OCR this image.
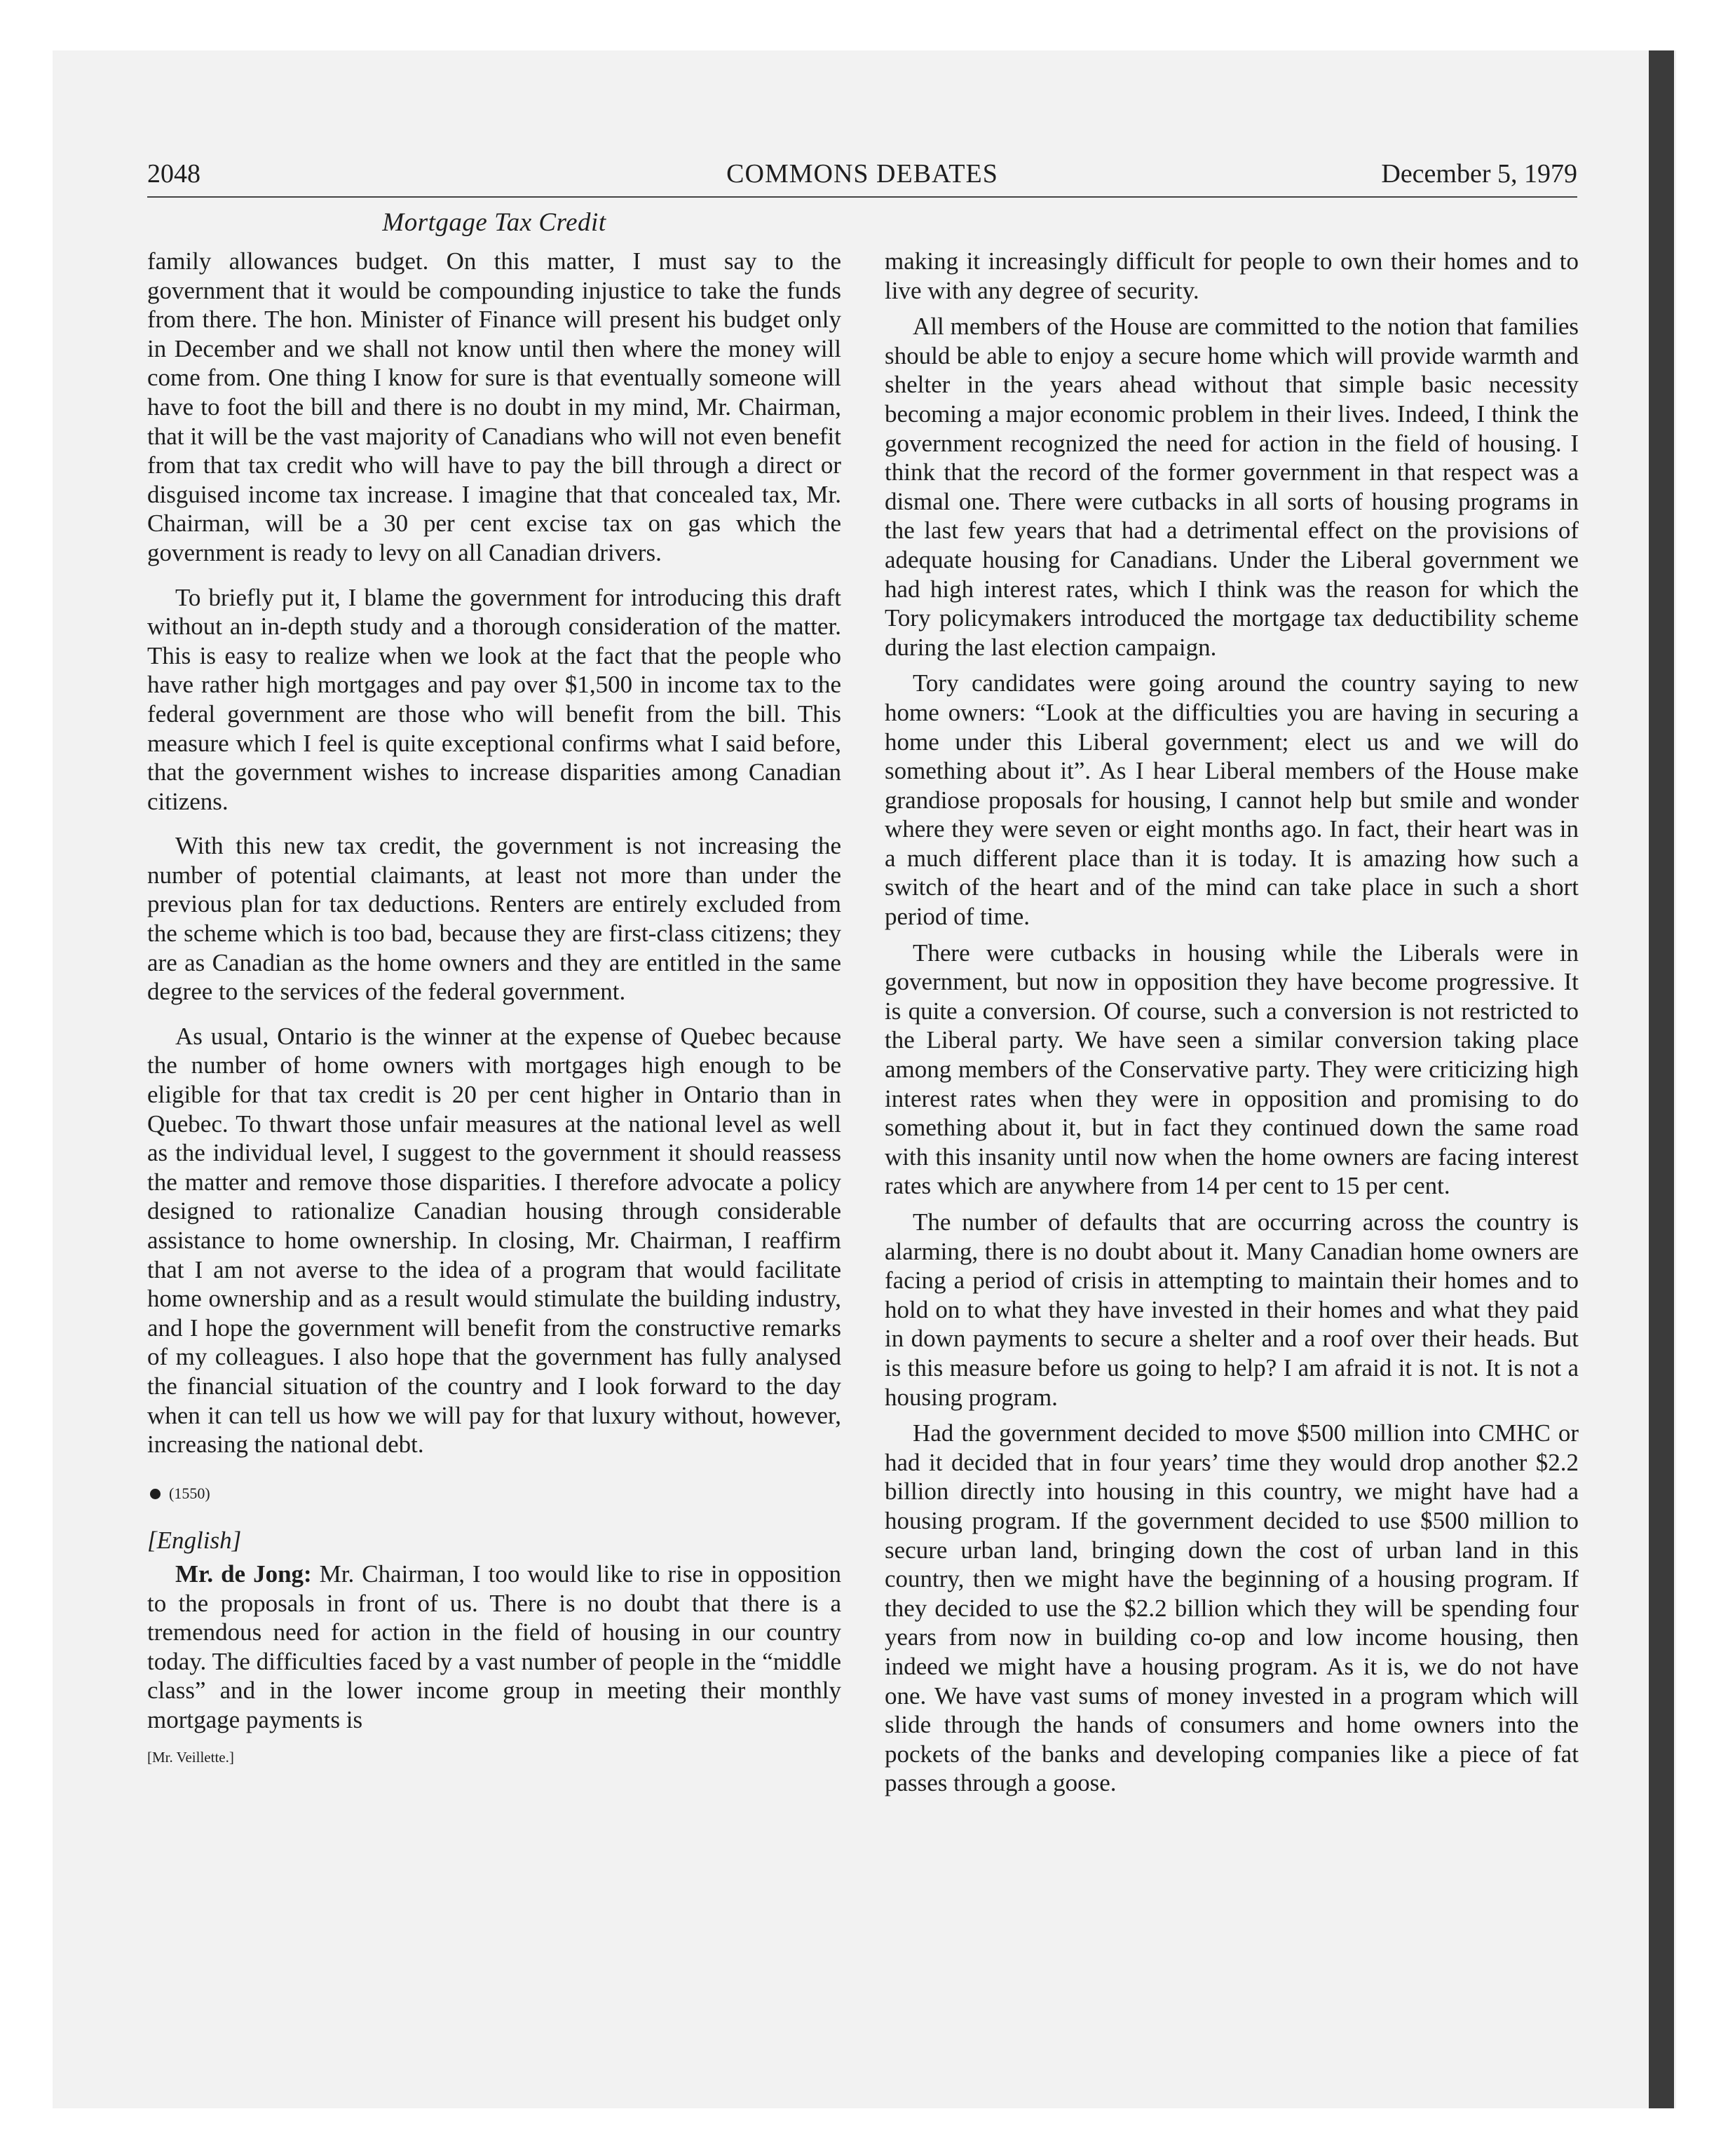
2048	COMMONS DEBATES	December 5, 1979
Mortgage Tax Credit

family allowances budget. On this matter, I must say to the government that it would be compounding injustice to take the funds from there. The hon. Minister of Finance will present his budget only in December and we shall not know until then where the money will come from. One thing I know for sure is that eventually someone will have to foot the bill and there is no doubt in my mind, Mr. Chairman, that it will be the vast majority of Canadians who will not even benefit from that tax credit who will have to pay the bill through a direct or disguised income tax increase. I imagine that that concealed tax, Mr. Chairman, will be a 30 per cent excise tax on gas which the government is ready to levy on all Canadian drivers.

To briefly put it, I blame the government for introducing this draft without an in-depth study and a thorough consideration of the matter. This is easy to realize when we look at the fact that the people who have rather high mortgages and pay over $1,500 in income tax to the federal government are those who will benefit from the bill. This measure which I feel is quite exceptional confirms what I said before, that the government wishes to increase disparities among Canadian citizens.

With this new tax credit, the government is not increasing the number of potential claimants, at least not more than under the previous plan for tax deductions. Renters are entirely excluded from the scheme which is too bad, because they are first-class citizens; they are as Canadian as the home owners and they are entitled in the same degree to the services of the federal government.

As usual, Ontario is the winner at the expense of Quebec because the number of home owners with mortgages high enough to be eligible for that tax credit is 20 per cent higher in Ontario than in Quebec. To thwart those unfair measures at the national level as well as the individual level, I suggest to the government it should reassess the matter and remove those disparities. I therefore advocate a policy designed to rationalize Canadian housing through considerable assistance to home ownership. In closing, Mr. Chairman, I reaffirm that I am not averse to the idea of a program that would facilitate home ownership and as a result would stimulate the building industry, and I hope the government will benefit from the constructive remarks of my colleagues. I also hope that the government has fully analysed the financial situation of the country and I look forward to the day when it can tell us how we will pay for that luxury without, however, increasing the national debt.

(1550)

[English]

Mr. de Jong: Mr. Chairman, I too would like to rise in opposition to the proposals in front of us. There is no doubt that there is a tremendous need for action in the field of housing in our country today. The difficulties faced by a vast number of people in the “middle class” and in the lower income group in meeting their monthly mortgage payments is

[Mr. Veillette.]

making it increasingly difficult for people to own their homes and to live with any degree of security.

All members of the House are committed to the notion that families should be able to enjoy a secure home which will provide warmth and shelter in the years ahead without that simple basic necessity becoming a major economic problem in their lives. Indeed, I think the government recognized the need for action in the field of housing. I think that the record of the former government in that respect was a dismal one. There were cutbacks in all sorts of housing programs in the last few years that had a detrimental effect on the provisions of adequate housing for Canadians. Under the Liberal government we had high interest rates, which I think was the reason for which the Tory policymakers introduced the mortgage tax deductibility scheme during the last election campaign.

Tory candidates were going around the country saying to new home owners: “Look at the difficulties you are having in securing a home under this Liberal government; elect us and we will do something about it”. As I hear Liberal members of the House make grandiose proposals for housing, I cannot help but smile and wonder where they were seven or eight months ago. In fact, their heart was in a much different place than it is today. It is amazing how such a switch of the heart and of the mind can take place in such a short period of time.

There were cutbacks in housing while the Liberals were in government, but now in opposition they have become progressive. It is quite a conversion. Of course, such a conversion is not restricted to the Liberal party. We have seen a similar conversion taking place among members of the Conservative party. They were criticizing high interest rates when they were in opposition and promising to do something about it, but in fact they continued down the same road with this insanity until now when the home owners are facing interest rates which are anywhere from 14 per cent to 15 per cent.

The number of defaults that are occurring across the country is alarming, there is no doubt about it. Many Canadian home owners are facing a period of crisis in attempting to maintain their homes and to hold on to what they have invested in their homes and what they paid in down payments to secure a shelter and a roof over their heads. But is this measure before us going to help? I am afraid it is not. It is not a housing program.

Had the government decided to move $500 million into CMHC or had it decided that in four years’ time they would drop another $2.2 billion directly into housing in this country, we might have had a housing program. If the government decided to use $500 million to secure urban land, bringing down the cost of urban land in this country, then we might have the beginning of a housing program. If they decided to use the $2.2 billion which they will be spending four years from now in building co-op and low income housing, then indeed we might have a housing program. As it is, we do not have one. We have vast sums of money invested in a program which will slide through the hands of consumers and home owners into the pockets of the banks and developing companies like a piece of fat passes through a goose.
